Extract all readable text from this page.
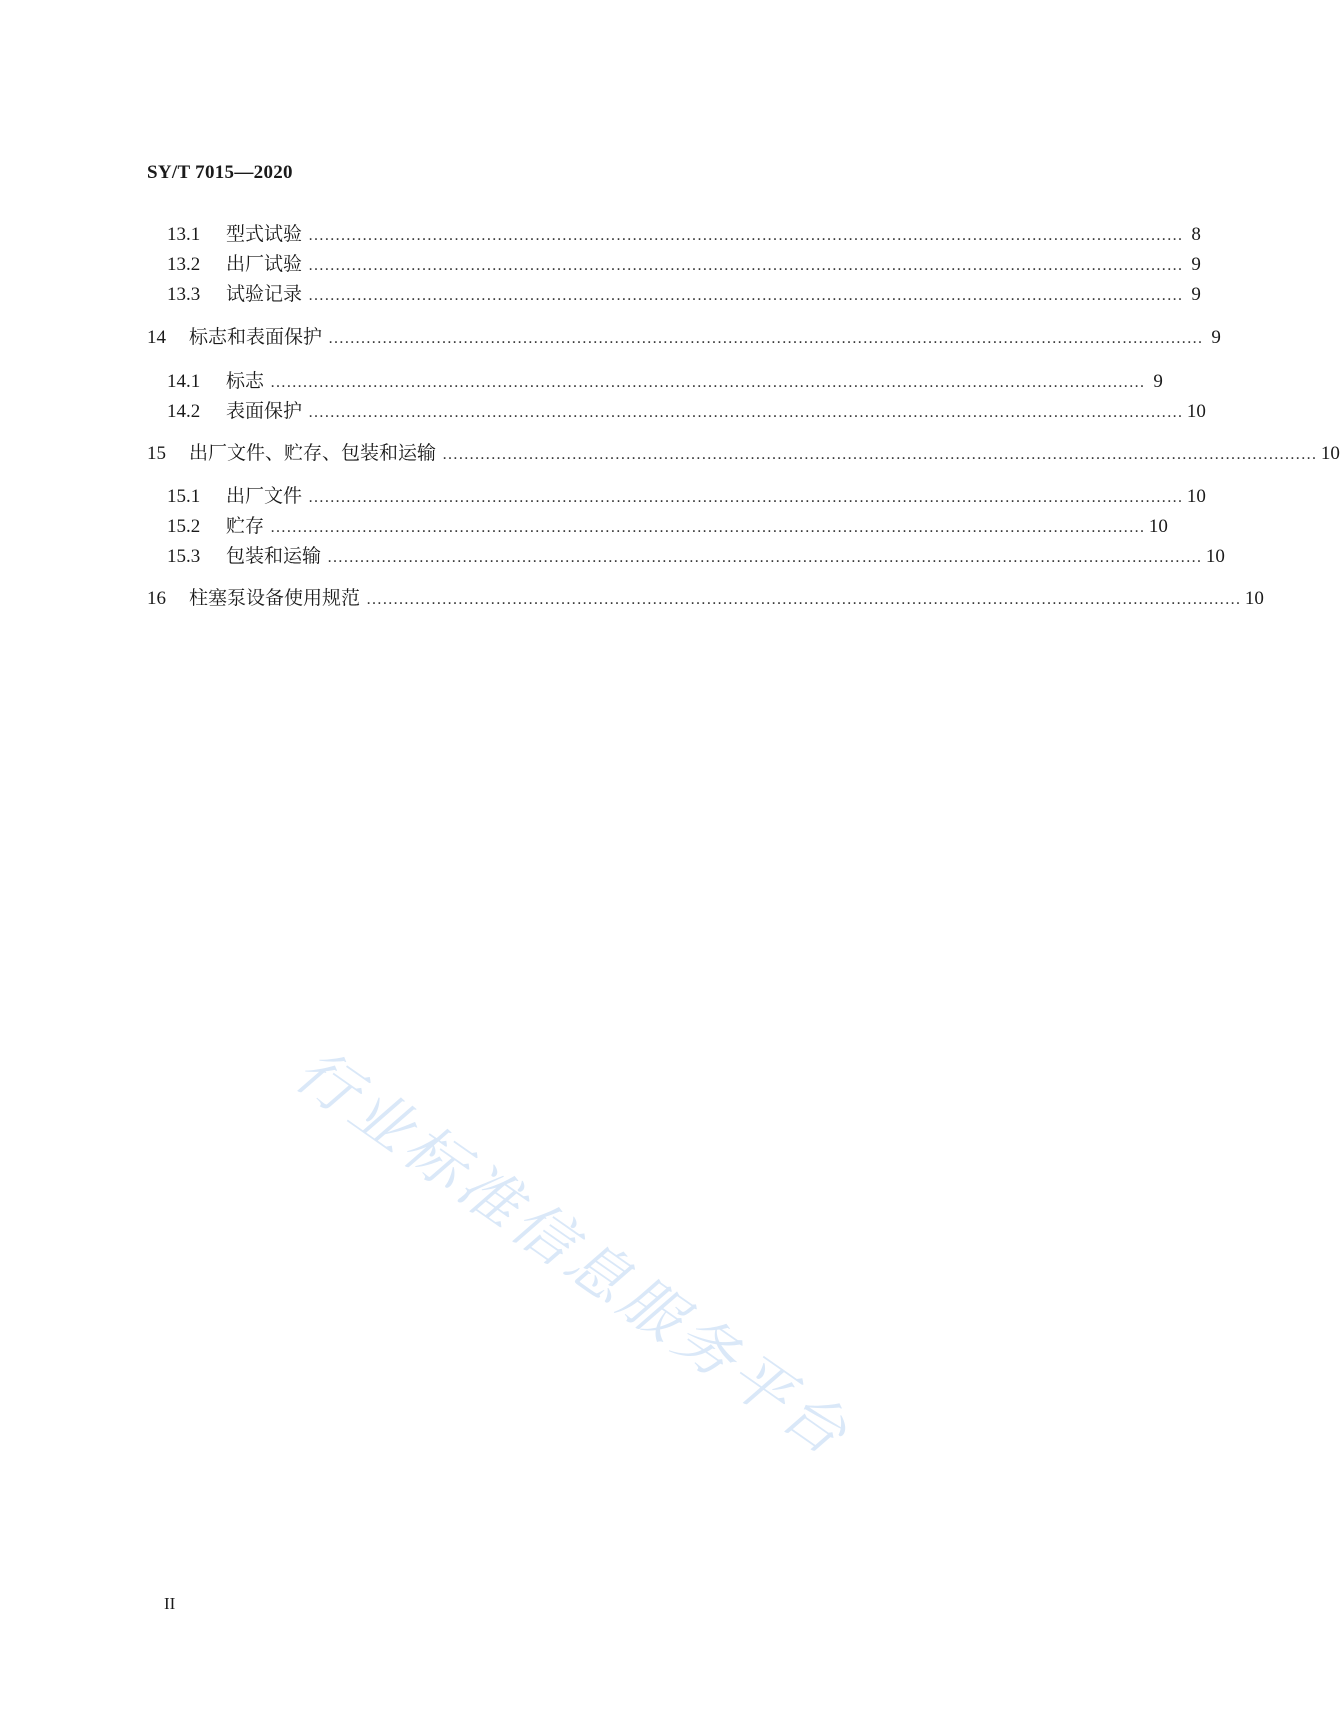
SY/T 7015—2020
13.1	型式试验 ……………………………………………………………………………………………………………………………………………… 8
13.2	出厂试验 ……………………………………………………………………………………………………………………………………………… 9
13.3	试验记录 ……………………………………………………………………………………………………………………………………………… 9
14	标志和表面保护 ……………………………………………………………………………………………………………………………………………… 9
14.1	标志 ……………………………………………………………………………………………………………………………………………… 9
14.2	表面保护 ……………………………………………………………………………………………………………………………………………… 10
15	出厂文件、贮存、包装和运输 ……………………………………………………………………………………………………………………………………………… 10
15.1	出厂文件 ……………………………………………………………………………………………………………………………………………… 10
15.2	贮存 ……………………………………………………………………………………………………………………………………………… 10
15.3	包装和运输 ……………………………………………………………………………………………………………………………………………… 10
16	柱塞泵设备使用规范 ……………………………………………………………………………………………………………………………………………… 10
行业标准信息服务平台
II
